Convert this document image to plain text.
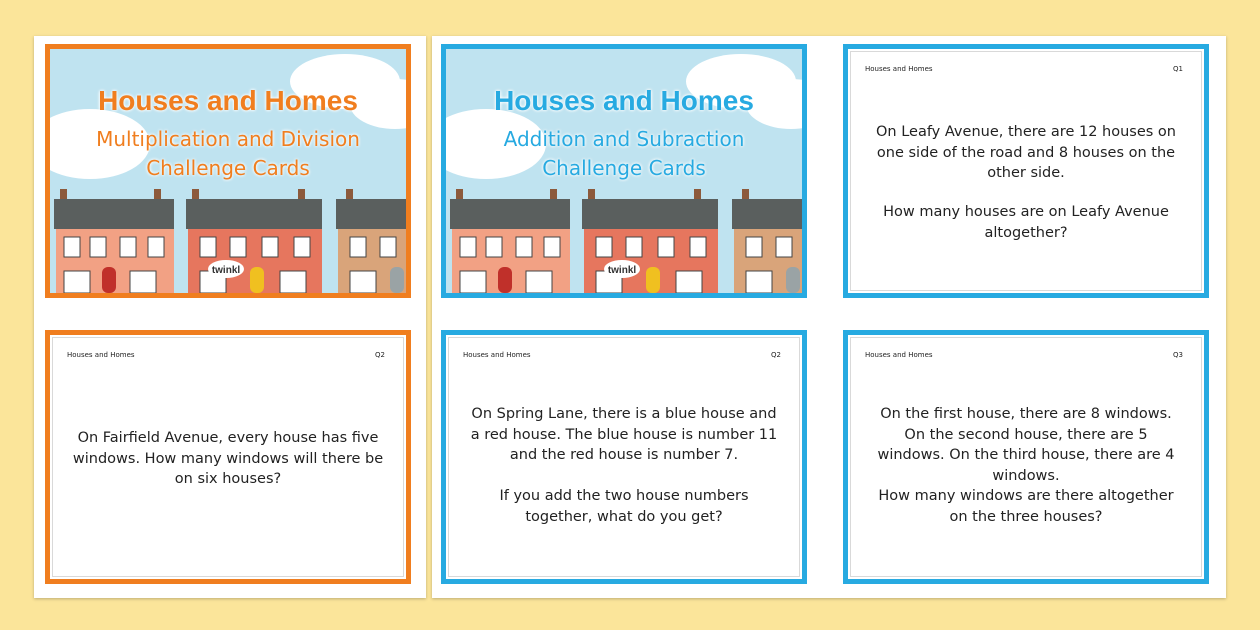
Houses and Homes
Multiplication and Division
Challenge Cards
twinkl
Houses and Homes
Addition and Subraction
Challenge Cards
twinkl
Houses and Homes	Q1
On Leafy Avenue, there are 12 houses on one side of the road and 8 houses on the other side.
How many houses are on Leafy Avenue altogether?
Houses and Homes	Q2
On Fairfield Avenue, every house has five windows. How many windows will there be on six houses?
Houses and Homes	Q2
On Spring Lane, there is a blue house and a red house. The blue house is number 11 and the red house is number 7.
If you add the two house numbers together, what do you get?
Houses and Homes	Q3
On the first house, there are 8 windows. On the second house, there are 5 windows. On the third house, there are 4 windows.
How many windows are there altogether on the three houses?
